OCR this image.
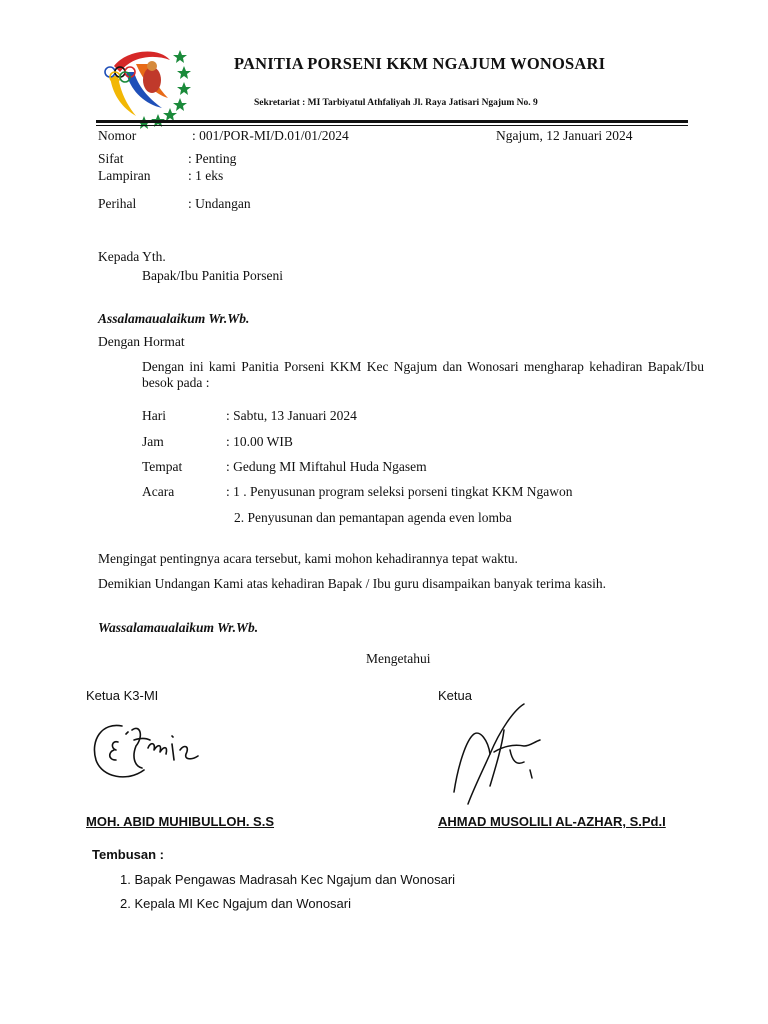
PANITIA PORSENI KKM NGAJUM WONOSARI
Sekretariat : MI Tarbiyatul Athfaliyah Jl. Raya Jatisari Ngajum No. 9
Nomor	: 001/POR-MI/D.01/01/2024	Ngajum, 12 Januari 2024
Sifat	: Penting
Lampiran	: 1 eks
Perihal	: Undangan
Kepada Yth.
Bapak/Ibu Panitia Porseni
Assalamaualaikum Wr.Wb.
Dengan Hormat
Dengan ini kami Panitia Porseni KKM Kec Ngajum dan Wonosari mengharap kehadiran Bapak/Ibu
besok pada :
Hari	: Sabtu, 13 Januari 2024
Jam	: 10.00 WIB
Tempat	: Gedung MI Miftahul Huda Ngasem
Acara	: 1 . Penyusunan program seleksi porseni tingkat KKM Ngawon
2. Penyusunan dan pemantapan agenda even lomba
Mengingat pentingnya acara tersebut, kami mohon kehadirannya tepat waktu.
Demikian Undangan Kami atas kehadiran Bapak / Ibu guru disampaikan banyak terima kasih.
Wassalamaualaikum Wr.Wb.
Mengetahui
Ketua K3-MI	Ketua
MOH. ABID MUHIBULLOH. S.S	AHMAD MUSOLILI AL-AZHAR, S.Pd.I
Tembusan :
1. Bapak Pengawas Madrasah Kec Ngajum dan Wonosari
2. Kepala MI Kec Ngajum dan Wonosari
